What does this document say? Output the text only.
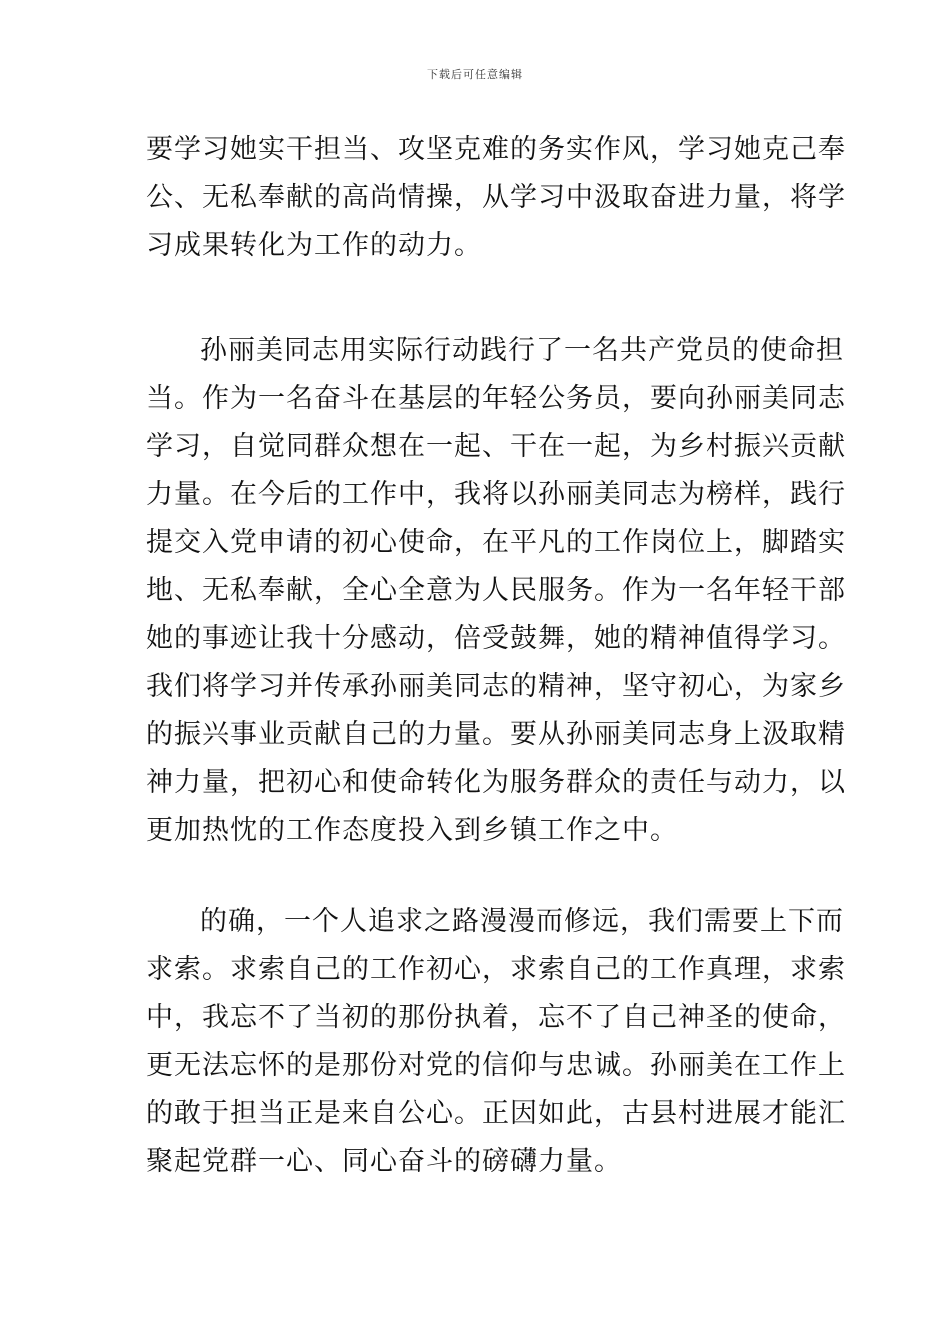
下载后可任意编辑
要学习她实干担当、攻坚克难的务实作风，学习她克己奉
公、无私奉献的高尚情操，从学习中汲取奋进力量，将学
习成果转化为工作的动力。
孙丽美同志用实际行动践行了一名共产党员的使命担
当。作为一名奋斗在基层的年轻公务员，要向孙丽美同志
学习，自觉同群众想在一起、干在一起，为乡村振兴贡献
力量。在今后的工作中，我将以孙丽美同志为榜样，践行
提交入党申请的初心使命，在平凡的工作岗位上，脚踏实
地、无私奉献，全心全意为人民服务。作为一名年轻干部
她的事迹让我十分感动，倍受鼓舞，她的精神值得学习。
我们将学习并传承孙丽美同志的精神，坚守初心，为家乡
的振兴事业贡献自己的力量。要从孙丽美同志身上汲取精
神力量，把初心和使命转化为服务群众的责任与动力，以
更加热忱的工作态度投入到乡镇工作之中。
的确，一个人追求之路漫漫而修远，我们需要上下而
求索。求索自己的工作初心，求索自己的工作真理，求索
中，我忘不了当初的那份执着，忘不了自己神圣的使命，
更无法忘怀的是那份对党的信仰与忠诚。孙丽美在工作上
的敢于担当正是来自公心。正因如此，古县村进展才能汇
聚起党群一心、同心奋斗的磅礴力量。
